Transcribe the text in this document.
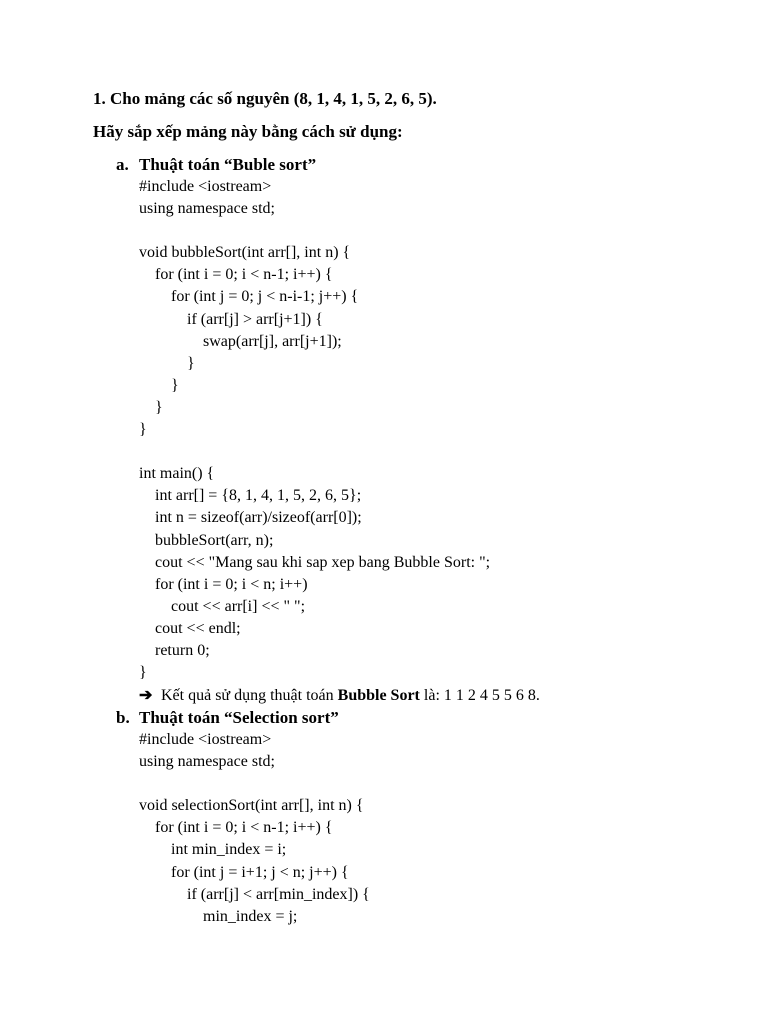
1. Cho mảng các số nguyên (8, 1, 4, 1, 5, 2, 6, 5).
Hãy sắp xếp mảng này bằng cách sử dụng:
a. Thuật toán “Buble sort”
#include <iostream>
using namespace std;

void bubbleSort(int arr[], int n) {
for (int i = 0; i < n-1; i++) {
for (int j = 0; j < n-i-1; j++) {
if (arr[j] > arr[j+1]) {
swap(arr[j], arr[j+1]);
}
}
}
}

int main() {
int arr[] = {8, 1, 4, 1, 5, 2, 6, 5};
int n = sizeof(arr)/sizeof(arr[0]);
bubbleSort(arr, n);
cout << "Mang sau khi sap xep bang Bubble Sort: ";
for (int i = 0; i < n; i++)
cout << arr[i] << " ";
cout << endl;
return 0;
}
➔ Kết quả sử dụng thuật toán Bubble Sort là: 1 1 2 4 5 5 6 8.
b. Thuật toán “Selection sort”
#include <iostream>
using namespace std;

void selectionSort(int arr[], int n) {
for (int i = 0; i < n-1; i++) {
int min_index = i;
for (int j = i+1; j < n; j++) {
if (arr[j] < arr[min_index]) {
min_index = j;
